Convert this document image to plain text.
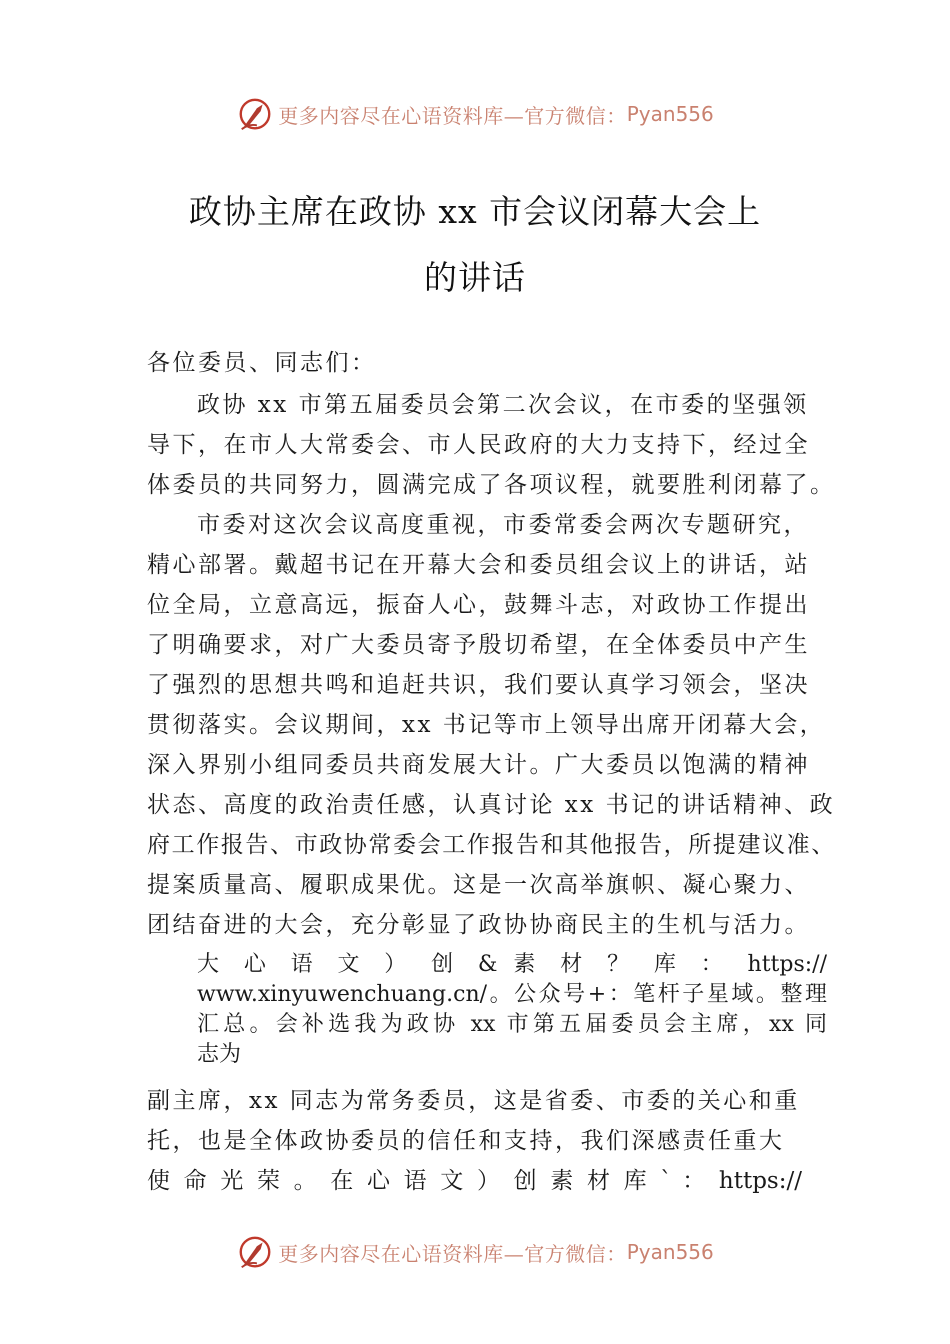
更多内容尽在心语资料库—官方微信： Pyan556
政协主席在政协 xx 市会议闭幕大会上
的讲话
各位委员、同志们：
政协 xx 市第五届委员会第二次会议，在市委的坚强领
导下，在市人大常委会、市人民政府的大力支持下，经过全
体委员的共同努力，圆满完成了各项议程，就要胜利闭幕了。
市委对这次会议高度重视，市委常委会两次专题研究，
精心部署。戴超书记在开幕大会和委员组会议上的讲话，站
位全局，立意高远，振奋人心，鼓舞斗志，对政协工作提出
了明确要求，对广大委员寄予殷切希望，在全体委员中产生
了强烈的思想共鸣和追赶共识，我们要认真学习领会，坚决
贯彻落实。会议期间，xx 书记等市上领导出席开闭幕大会，
深入界别小组同委员共商发展大计。广大委员以饱满的精神
状态、高度的政治责任感，认真讨论 xx 书记的讲话精神、政
府工作报告、市政协常委会工作报告和其他报告，所提建议准、
提案质量高、履职成果优。这是一次高举旗帜、凝心聚力、
团结奋进的大会，充分彰显了政协协商民主的生机与活力。
大 心 语 文 ） 创 & 素 材 ？ 库 ： https://
www.xinyuwenchuang.cn/。公众号+：笔杆子星域。整理
汇总。会补选我为政协 xx 市第五届委员会主席，xx 同
志为
副主席，xx 同志为常务委员，这是省委、市委的关心和重
托，也是全体政协委员的信任和支持，我们深感责任重大
使 命 光 荣 。 在 心 语 文 ） 创 素 材 库 ` ： https://
更多内容尽在心语资料库—官方微信： Pyan556
